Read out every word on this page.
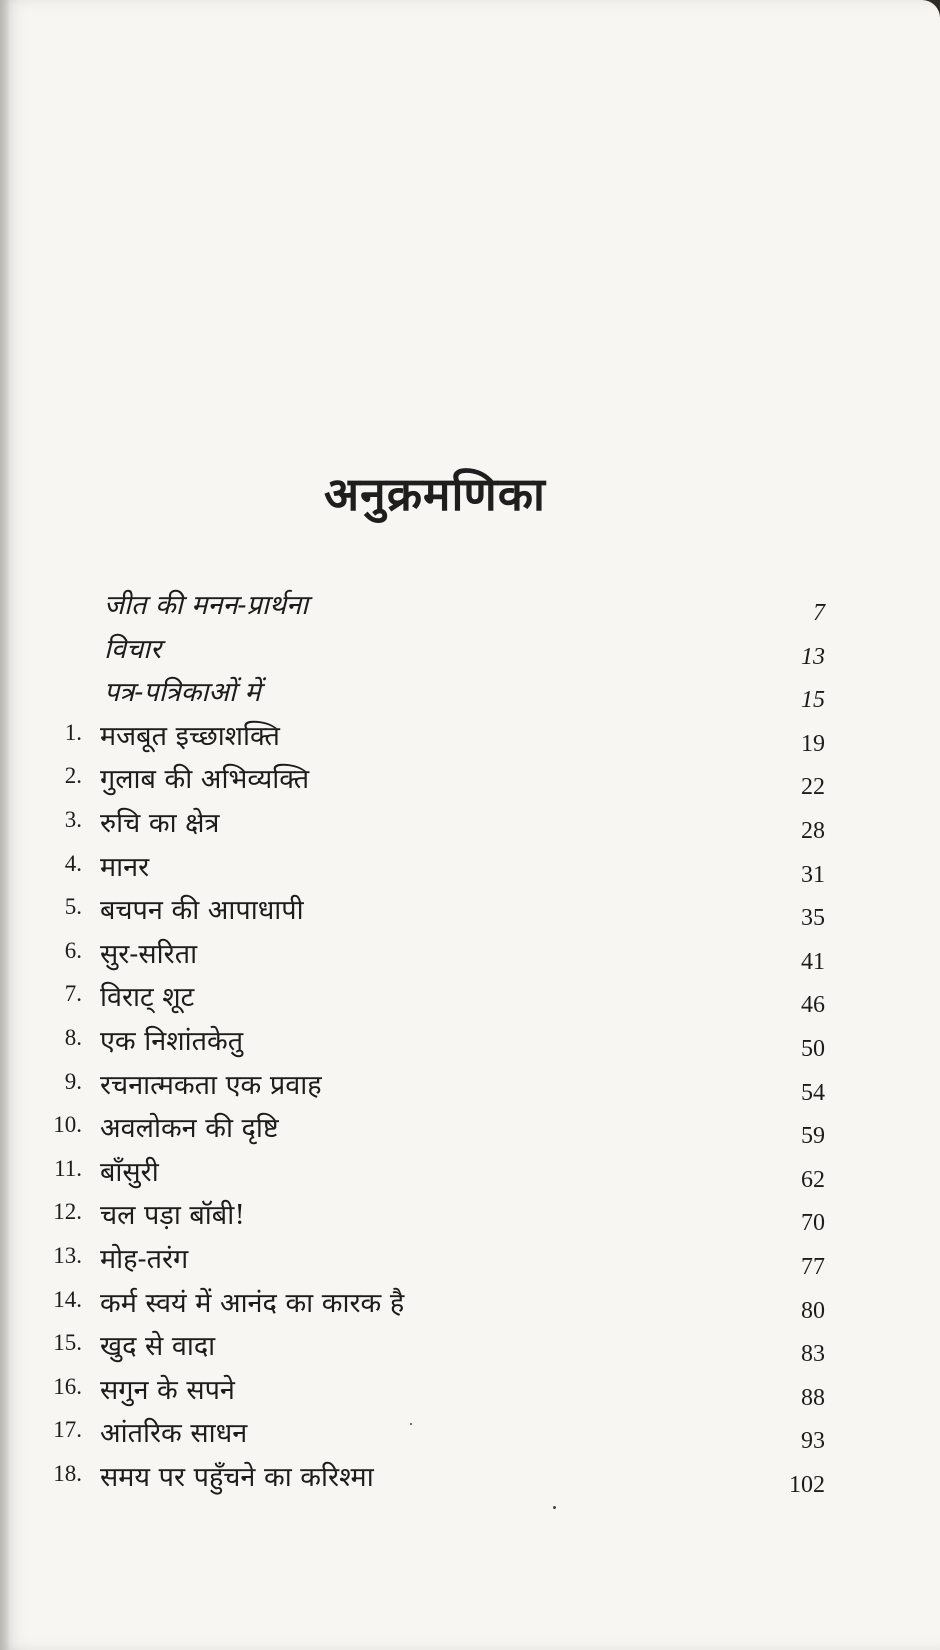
अनुक्रमणिका
जीत की मनन-प्रार्थना	7
विचार	13
पत्र-पत्रिकाओं में	15
1. मजबूत इच्छाशक्ति	19
2. गुलाब की अभिव्यक्ति	22
3. रुचि का क्षेत्र	28
4. मानर	31
5. बचपन की आपाधापी	35
6. सुर-सरिता	41
7. विराट् शूट	46
8. एक निशांतकेतु	50
9. रचनात्मकता एक प्रवाह	54
10. अवलोकन की दृष्टि	59
11. बाँसुरी	62
12. चल पड़ा बॉबी!	70
13. मोह-तरंग	77
14. कर्म स्वयं में आनंद का कारक है	80
15. खुद से वादा	83
16. सगुन के सपने	88
17. आंतरिक साधन	93
18. समय पर पहुँचने का करिश्मा	102
